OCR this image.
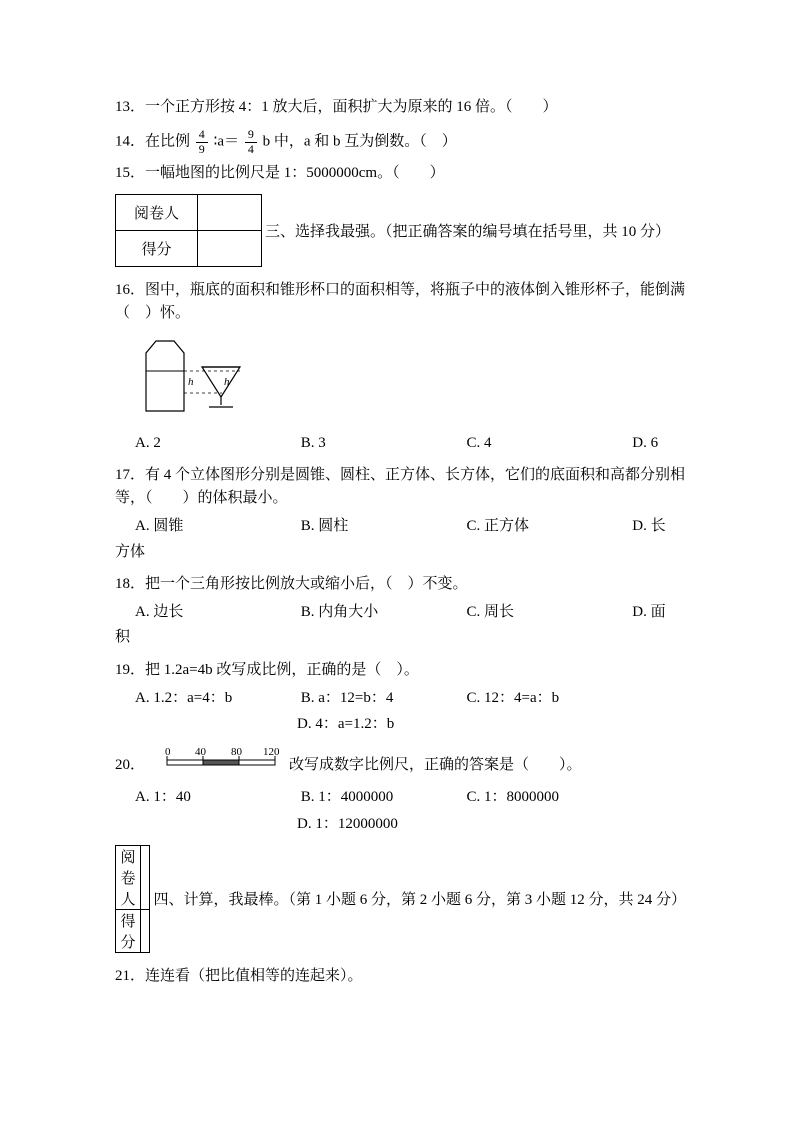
13．一个正方形按 4：1 放大后，面积扩大为原来的 16 倍。（　　）
14．在比例 $\frac{4}{9}$ ∶a＝ $\frac{9}{4}$ b 中，a 和 b 互为倒数。（　）
15．一幅地图的比例尺是 1：5000000cm。（　　）
阅卷人	
得分	
三、选择我最强。（把正确答案的编号填在括号里，共 10 分）
16．图中，瓶底的面积和锥形杯口的面积相等，将瓶子中的液体倒入锥形杯子，能倒满（　）怀。
h	h
A. 2	B. 3	C. 4	D. 6
17．有 4 个立体图形分别是圆锥、圆柱、正方体、长方体，它们的底面积和高都分别相等，（　　）的体积最小。
A. 圆锥	B. 圆柱	C. 正方体	D. 长
方体
18．把一个三角形按比例放大或缩小后，（　）不变。
A. 边长	B. 内角大小	C. 周长	D. 面
积
19．把 1.2a=4b 改写成比例，正确的是（　）。
A. 1.2：a=4：b	B. a：12=b：4	C. 12：4=a：b
D. 4：a=1.2：b
20．
0 40 80 120
改写成数字比例尺，正确的答案是（　　）。
A. 1：40	B. 1：4000000	C. 1：8000000
D. 1：12000000
阅卷人	
得分	
四、计算，我最棒。（第 1 小题 6 分，第 2 小题 6 分，第 3 小题 12 分，共 24 分）
21．连连看（把比值相等的连起来）。
